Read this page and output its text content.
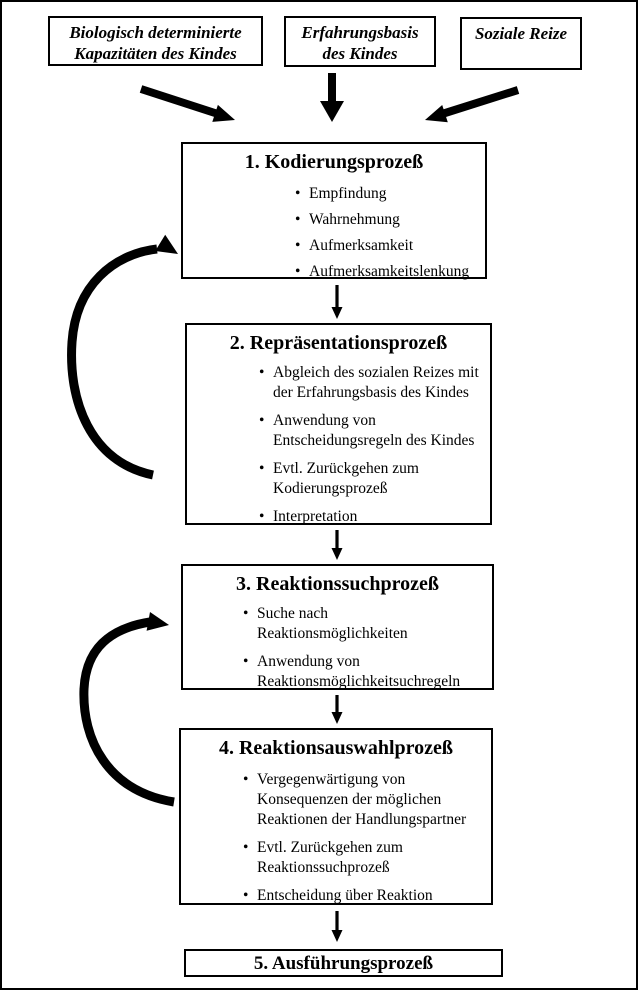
Biologisch determinierte
Kapazitäten des Kindes
Erfahrungsbasis
des Kindes
Soziale Reize
1. Kodierungsprozeß
• Empfindung
• Wahrnehmung
• Aufmerksamkeit
• Aufmerksamkeitslenkung
2. Repräsentationsprozeß
• Abgleich des sozialen Reizes mit der Erfahrungsbasis des Kindes
• Anwendung von Entscheidungsregeln des Kindes
• Evtl. Zurückgehen zum Kodierungsprozeß
• Interpretation
3. Reaktionssuchprozeß
• Suche nach Reaktionsmöglichkeiten
• Anwendung von Reaktionsmöglichkeitsuchregeln
4. Reaktionsauswahlprozeß
• Vergegenwärtigung von Konsequenzen der möglichen Reaktionen der Handlungspartner
• Evtl. Zurückgehen zum Reaktionssuchprozeß
• Entscheidung über Reaktion
5. Ausführungsprozeß
